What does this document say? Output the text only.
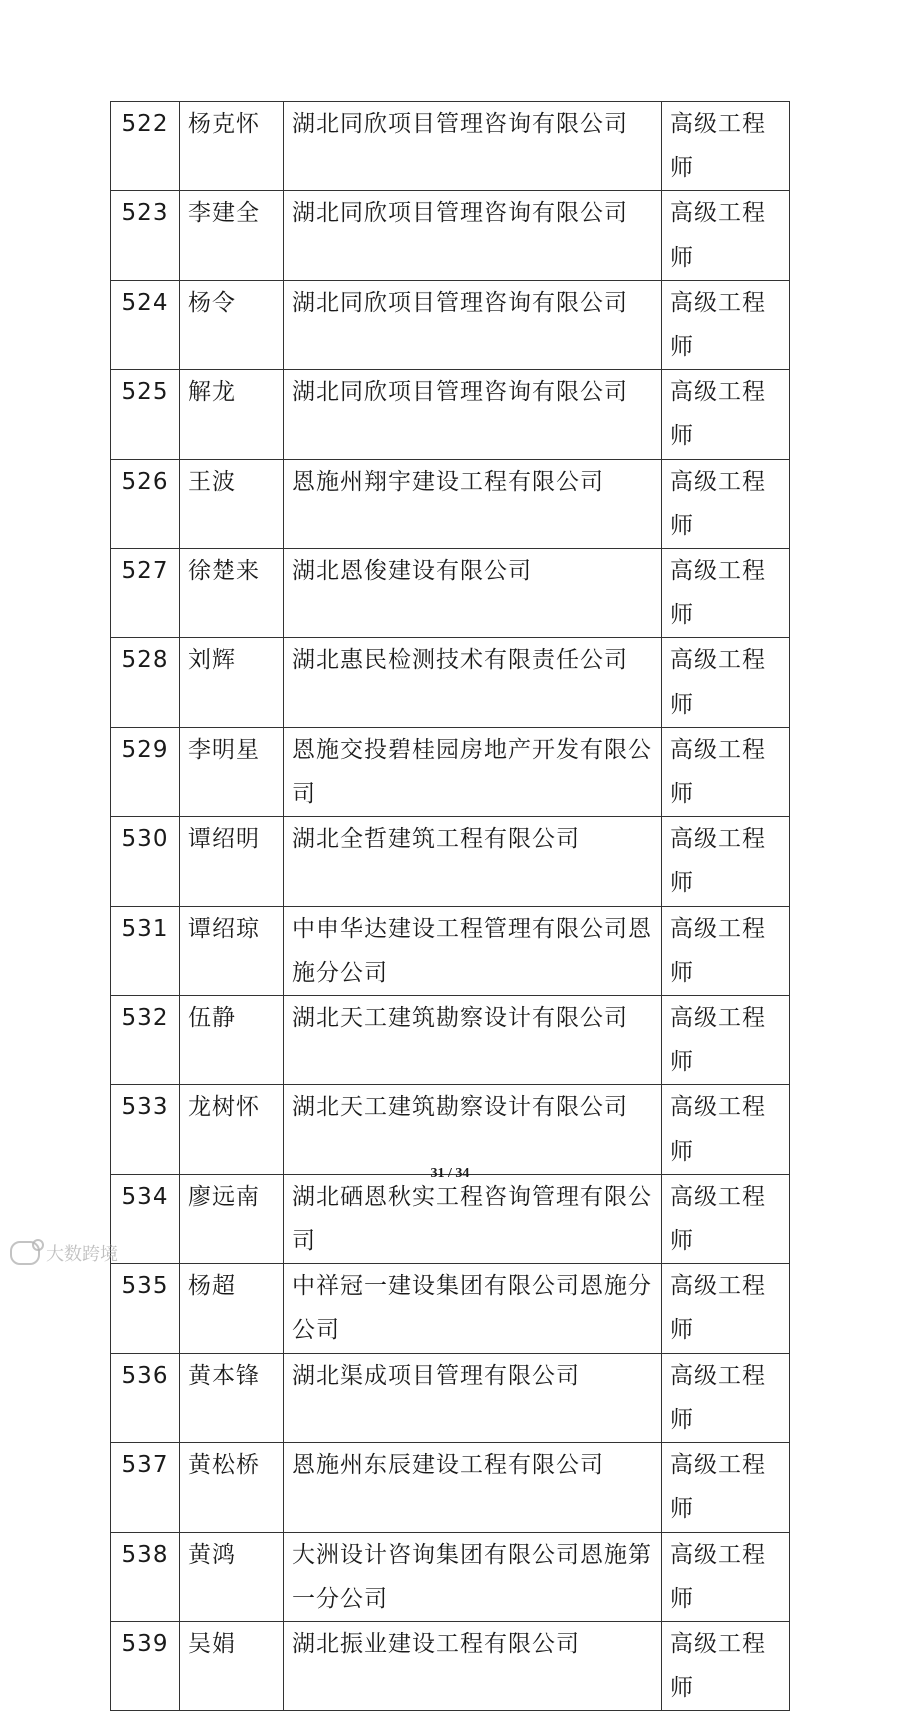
522	杨克怀	湖北同欣项目管理咨询有限公司	高级工程师
523	李建全	湖北同欣项目管理咨询有限公司	高级工程师
524	杨令	湖北同欣项目管理咨询有限公司	高级工程师
525	解龙	湖北同欣项目管理咨询有限公司	高级工程师
526	王波	恩施州翔宇建设工程有限公司	高级工程师
527	徐楚来	湖北恩俊建设有限公司	高级工程师
528	刘辉	湖北惠民检测技术有限责任公司	高级工程师
529	李明星	恩施交投碧桂园房地产开发有限公司	高级工程师
530	谭绍明	湖北全哲建筑工程有限公司	高级工程师
531	谭绍琼	中申华达建设工程管理有限公司恩施分公司	高级工程师
532	伍静	湖北天工建筑勘察设计有限公司	高级工程师
533	龙树怀	湖北天工建筑勘察设计有限公司	高级工程师
534	廖远南	湖北硒恩秋实工程咨询管理有限公司	高级工程师
535	杨超	中祥冠一建设集团有限公司恩施分公司	高级工程师
536	黄本锋	湖北渠成项目管理有限公司	高级工程师
537	黄松桥	恩施州东辰建设工程有限公司	高级工程师
538	黄鸿	大洲设计咨询集团有限公司恩施第一分公司	高级工程师
539	吴娟	湖北振业建设工程有限公司	高级工程师
31 / 34
大数跨境
